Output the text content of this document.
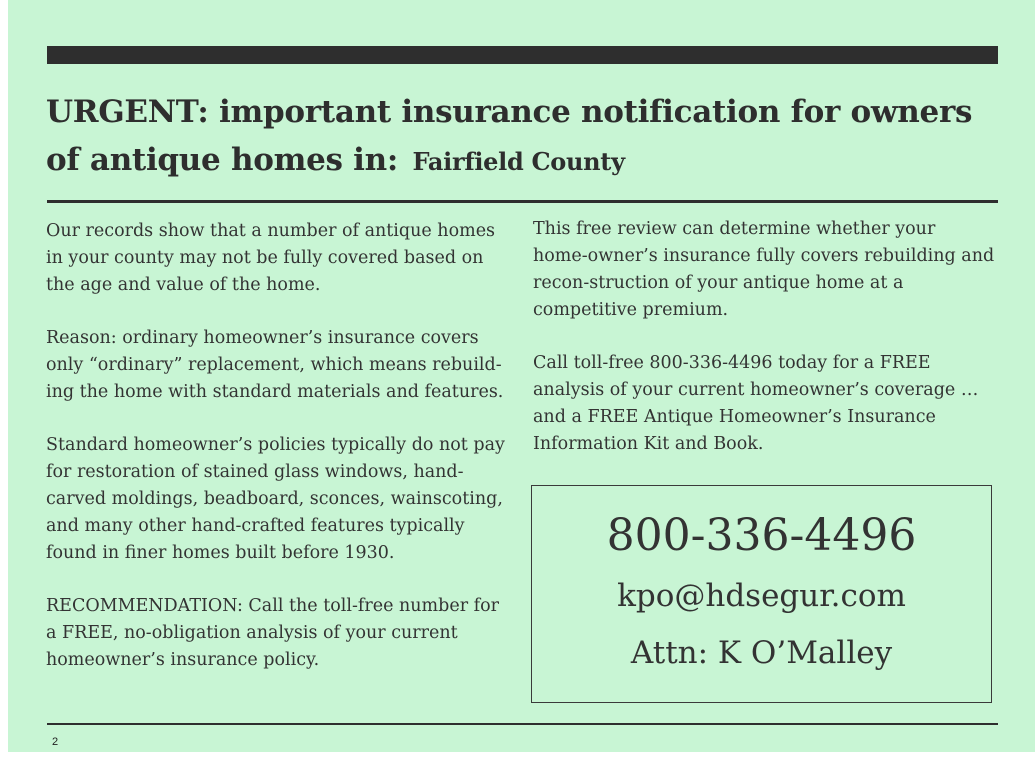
URGENT: important insurance notification for owners of antique homes in: Fairfield County

Our records show that a number of antique homes in your county may not be fully covered based on the age and value of the home.

Reason: ordinary homeowner’s insurance covers only “ordinary” replacement, which means rebuild-ing the home with standard materials and features.

Standard homeowner’s policies typically do not pay for restoration of stained glass windows, hand-carved moldings, beadboard, sconces, wainscoting, and many other hand-crafted features typically found in finer homes built before 1930.

RECOMMENDATION: Call the toll-free number for a FREE, no-obligation analysis of your current homeowner’s insurance policy.

This free review can determine whether your home-owner’s insurance fully covers rebuilding and recon-struction of your antique home at a competitive premium.

Call toll-free 800-336-4496 today for a FREE analysis of your current homeowner’s coverage … and a FREE Antique Homeowner’s Insurance Information Kit and Book.

800-336-4496
kpo@hdsegur.com
Attn: K O’Malley
2
